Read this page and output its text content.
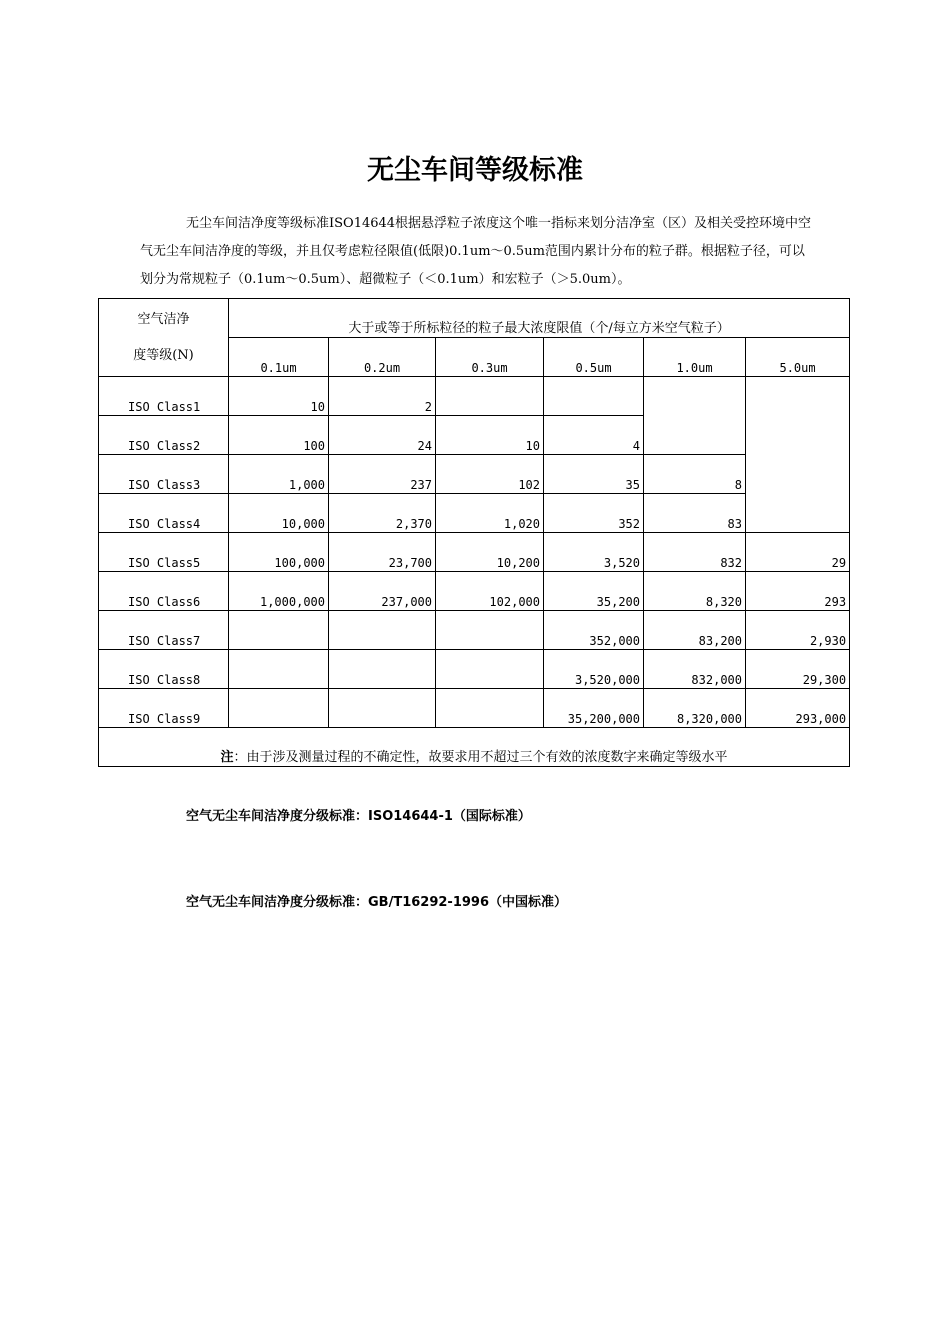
无尘车间等级标准
无尘车间洁净度等级标准ISO14644根据悬浮粒子浓度这个唯一指标来划分洁净室（区）及相关受控环境中空气无尘车间洁净度的等级，并且仅考虑粒径限值(低限)0.1um～0.5um范围内累计分布的粒子群。根据粒子径，可以划分为常规粒子（0.1um～0.5um）、超微粒子（＜0.1um）和宏粒子（＞5.0um）。
空气洁净
度等级(N)	大于或等于所标粒径的粒子最大浓度限值（个/每立方米空气粒子）					
	0.1um	0.2um	0.3um	0.5um	1.0um	5.0um
ISO Class1	10	2				
ISO Class2	100	24	10	4		
ISO Class3	1,000	237	102	35	8	
ISO Class4	10,000	2,370	1,020	352	83	
ISO Class5	100,000	23,700	10,200	3,520	832	29
ISO Class6	1,000,000	237,000	102,000	35,200	8,320	293
ISO Class7				352,000	83,200	2,930
ISO Class8				3,520,000	832,000	29,300
ISO Class9				35,200,000	8,320,000	293,000
注：由于涉及测量过程的不确定性，故要求用不超过三个有效的浓度数字来确定等级水平						
空气无尘车间洁净度分级标准：ISO14644-1（国际标准）
空气无尘车间洁净度分级标准：GB/T16292-1996（中国标准）
